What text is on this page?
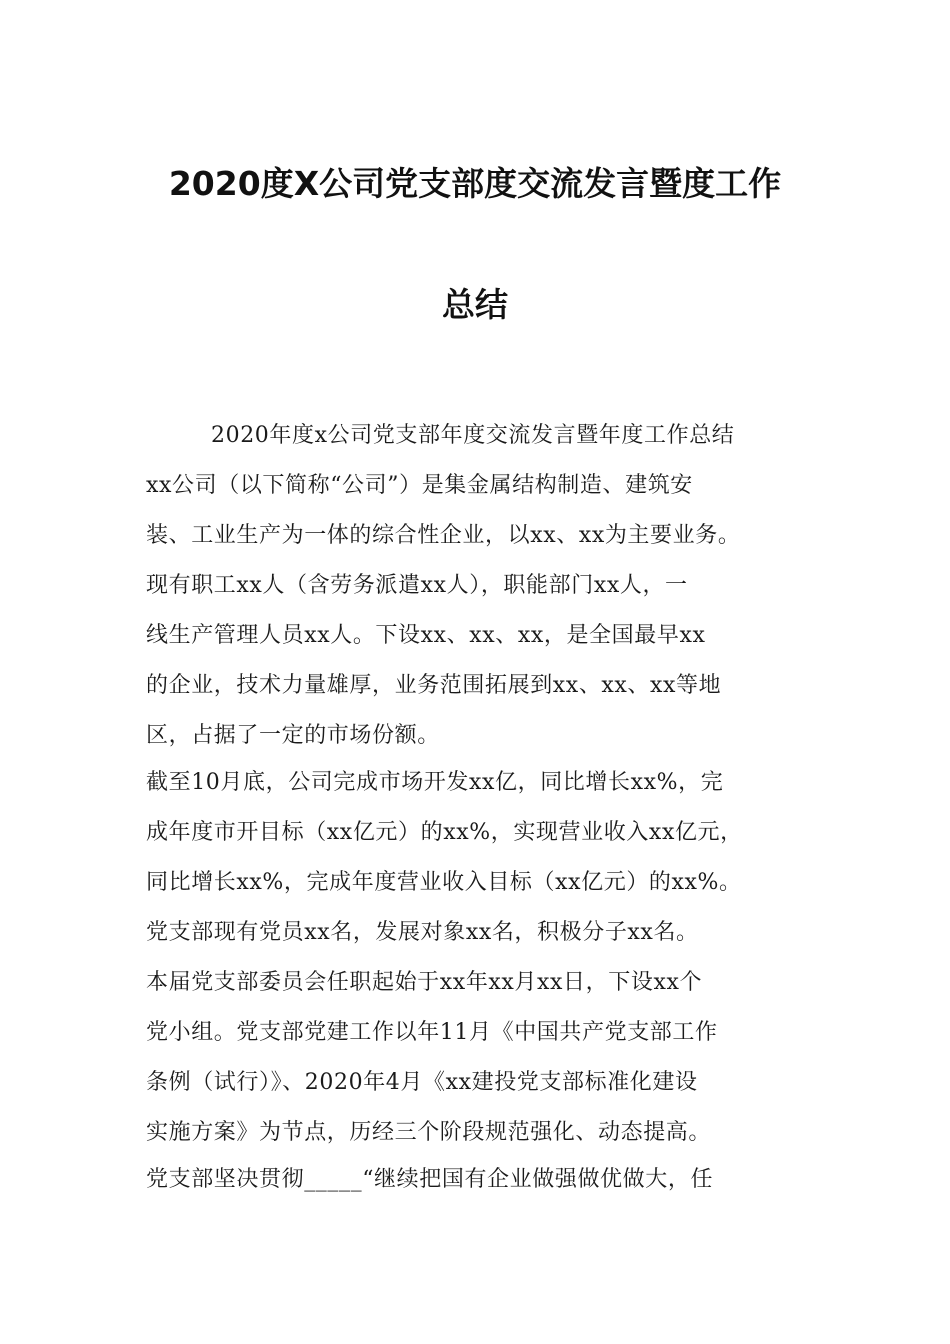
2020度X公司党支部度交流发言暨度工作
总结
2020年度x公司党支部年度交流发言暨年度工作总结
xx公司（以下简称“公司”）是集金属结构制造、建筑安
装、工业生产为一体的综合性企业，以xx、xx为主要业务。
现有职工xx人（含劳务派遣xx人），职能部门xx人，一
线生产管理人员xx人。下设xx、xx、xx，是全国最早xx
的企业，技术力量雄厚，业务范围拓展到xx、xx、xx等地
区，占据了一定的市场份额。
截至10月底，公司完成市场开发xx亿，同比增长xx%，完
成年度市开目标（xx亿元）的xx%，实现营业收入xx亿元，
同比增长xx%，完成年度营业收入目标（xx亿元）的xx%。
党支部现有党员xx名，发展对象xx名，积极分子xx名。
本届党支部委员会任职起始于xx年xx月xx日，下设xx个
党小组。党支部党建工作以年11月《中国共产党支部工作
条例（试行）》、2020年4月《xx建投党支部标准化建设
实施方案》为节点，历经三个阶段规范强化、动态提高。
党支部坚决贯彻_____“继续把国有企业做强做优做大，任
